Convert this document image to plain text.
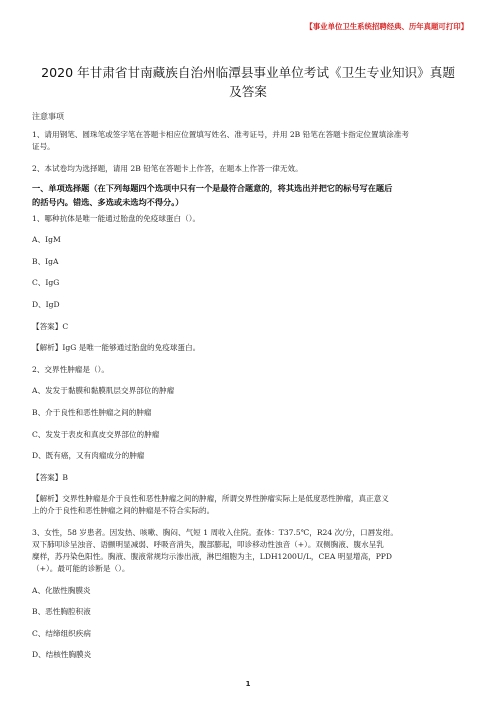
【事业单位卫生系统招聘经典、历年真题可打印】
2020 年甘肃省甘南藏族自治州临潭县事业单位考试《卫生专业知识》真题
及答案

注意事项

1、请用钢笔、圆珠笔或签字笔在答题卡相应位置填写姓名、准考证号，并用 2B 铅笔在答题卡指定位置填涂准考

证号。

2、本试卷均为选择题，请用 2B 铅笔在答题卡上作答，在题本上作答一律无效。

一、单项选择题（在下列每题四个选项中只有一个是最符合题意的，将其选出并把它的标号写在题后
的括号内。错选、多选或未选均不得分。）

1、哪种抗体是唯一能通过胎盘的免疫球蛋白（）。

A、IgM

B、IgA

C、IgG

D、IgD

【答案】C

【解析】IgG 是唯一能够通过胎盘的免疫球蛋白。

2、交界性肿瘤是（）。

A、发发于黏膜和黏膜肌层交界部位的肿瘤

B、介于良性和恶性肿瘤之间的肿瘤

C、发发于表皮和真皮交界部位的肿瘤

D、既有癌，又有肉瘤成分的肿瘤

【答案】B

【解析】交界性肿瘤是介于良性和恶性肿瘤之间的肿瘤，所谓交界性肿瘤实际上是低度恶性肿瘤，真正意义

上的介于良性和恶性肿瘤之间的肿瘤是不符合实际的。

3、女性，58 岁患者。因发热、咳嗽、胸闷、气短 1 周收入住院。查体：T37.5℃，R24 次/分，口唇发绀。

双下肺叩诊呈浊音、语颤明显减弱、呼吸音消失，腹部膨起，叩诊移动性浊音（+）。双侧胸液、腹水呈乳

糜样，苏丹染色阳性。胸液、腹液常规均示渗出液，淋巴细胞为主，LDH1200U/L，CEA 明显增高，PPD

（+）。最可能的诊断是（）。

A、化脓性胸膜炎

B、恶性胸腔积液

C、结缔组织疾病

D、结核性胸膜炎

1
